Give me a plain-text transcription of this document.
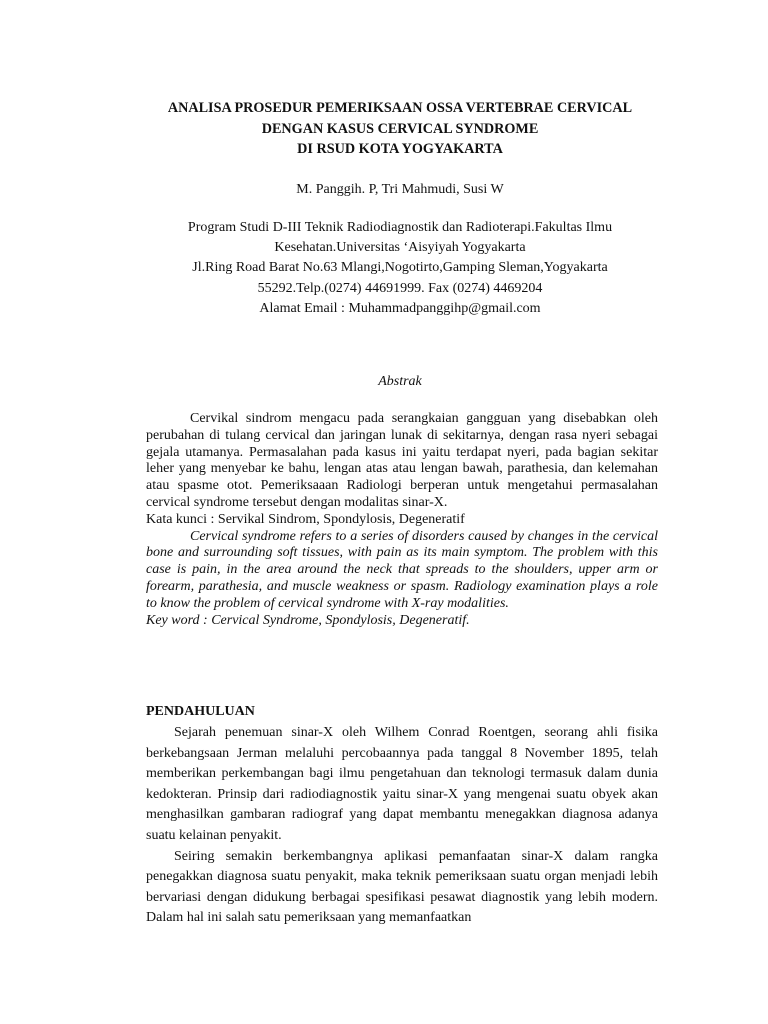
ANALISA PROSEDUR PEMERIKSAAN OSSA VERTEBRAE CERVICAL
DENGAN KASUS CERVICAL SYNDROME
DI RSUD KOTA YOGYAKARTA
M. Panggih. P, Tri Mahmudi, Susi W
Program Studi D-III Teknik Radiodiagnostik dan Radioterapi.Fakultas Ilmu
Kesehatan.Universitas ‘Aisyiyah Yogyakarta
Jl.Ring Road Barat No.63 Mlangi,Nogotirto,Gamping Sleman,Yogyakarta
55292.Telp.(0274) 44691999. Fax (0274) 4469204
Alamat Email : Muhammadpanggihp@gmail.com
Abstrak

Cervikal sindrom mengacu pada serangkaian gangguan yang disebabkan oleh perubahan di tulang cervical dan jaringan lunak di sekitarnya, dengan rasa nyeri sebagai gejala utamanya. Permasalahan pada kasus ini yaitu terdapat nyeri, pada bagian sekitar leher yang menyebar ke bahu, lengan atas atau lengan bawah, parathesia, dan kelemahan atau spasme otot. Pemeriksaaan Radiologi berperan untuk mengetahui permasalahan cervical syndrome tersebut dengan modalitas sinar-X.

Kata kunci : Servikal Sindrom, Spondylosis, Degeneratif

Cervical syndrome refers to a series of disorders caused by changes in the cervical bone and surrounding soft tissues, with pain as its main symptom. The problem with this case is pain, in the area around the neck that spreads to the shoulders, upper arm or forearm, parathesia, and muscle weakness or spasm. Radiology examination plays a role to know the problem of cervical syndrome with X-ray modalities.

Key word : Cervical Syndrome, Spondylosis, Degeneratif.

PENDAHULUAN

Sejarah penemuan sinar-X oleh Wilhem Conrad Roentgen, seorang ahli fisika berkebangsaan Jerman melaluhi percobaannya pada tanggal 8 November 1895, telah memberikan perkembangan bagi ilmu pengetahuan dan teknologi termasuk dalam dunia kedokteran. Prinsip dari radiodiagnostik yaitu sinar-X yang mengenai suatu obyek akan menghasilkan gambaran radiograf yang dapat membantu menegakkan diagnosa adanya suatu kelainan penyakit.

Seiring semakin berkembangnya aplikasi pemanfaatan sinar-X dalam rangka penegakkan diagnosa suatu penyakit, maka teknik pemeriksaan suatu organ menjadi lebih bervariasi dengan didukung berbagai spesifikasi pesawat diagnostik yang lebih modern. Dalam hal ini salah satu pemeriksaan yang memanfaatkan
